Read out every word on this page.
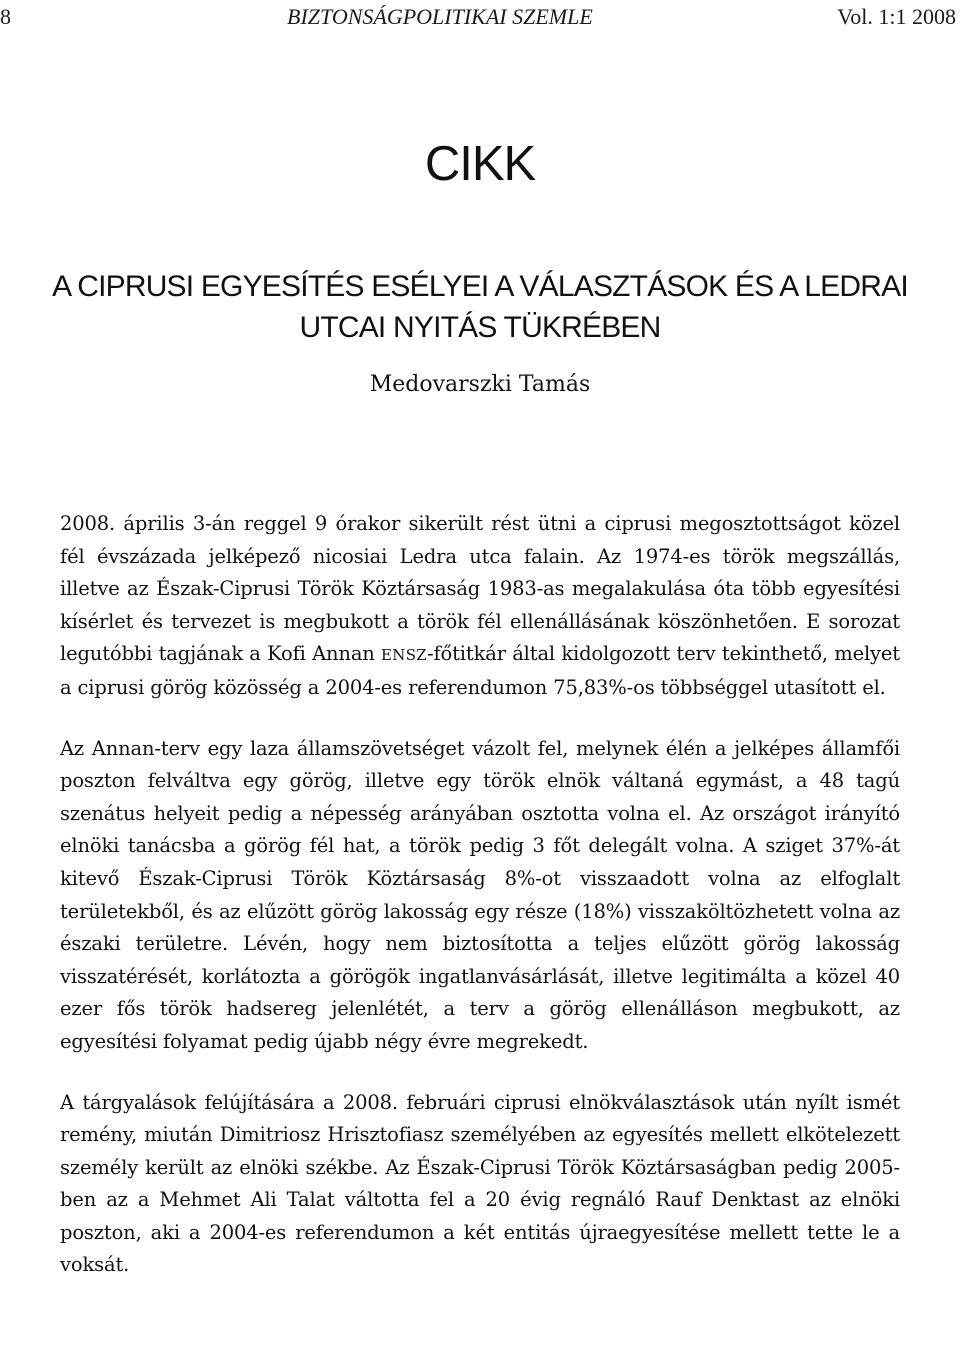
8	BIZTONSÁGPOLITIKAI SZEMLE	Vol. 1:1 2008
CIKK
A CIPRUSI EGYESÍTÉS ESÉLYEI A VÁLASZTÁSOK ÉS A LEDRAI UTCAI NYITÁS TÜKRÉBEN
Medovarszki Tamás

2008. április 3-án reggel 9 órakor sikerült rést ütni a ciprusi megosztottságot közel fél évszázada jelképező nicosiai Ledra utca falain. Az 1974-es török megszállás, illetve az Észak-Ciprusi Török Köztársaság 1983-as megalakulása óta több egyesítési kísérlet és tervezet is megbukott a török fél ellenállásának köszönhetően. E sorozat legutóbbi tagjának a Kofi Annan ENSZ-főtitkár által kidolgozott terv tekinthető, melyet a ciprusi görög közösség a 2004-es referendumon 75,83%-os többséggel utasított el.

Az Annan-terv egy laza államszövetséget vázolt fel, melynek élén a jelképes államfői poszton felváltva egy görög, illetve egy török elnök váltaná egymást, a 48 tagú szenátus helyeit pedig a népesség arányában osztotta volna el. Az országot irányító elnöki tanácsba a görög fél hat, a török pedig 3 főt delegált volna. A sziget 37%-át kitevő Észak-Ciprusi Török Köztársaság 8%-ot visszaadott volna az elfoglalt területekből, és az elűzött görög lakosság egy része (18%) visszaköltözhetett volna az északi területre. Lévén, hogy nem biztosította a teljes elűzött görög lakosság visszatérését, korlátozta a görögök ingatlanvásárlását, illetve legitimálta a közel 40 ezer fős török hadsereg jelenlétét, a terv a görög ellenálláson megbukott, az egyesítési folyamat pedig újabb négy évre megrekedt.

A tárgyalások felújítására a 2008. februári ciprusi elnökválasztások után nyílt ismét remény, miután Dimitriosz Hrisztofiasz személyében az egyesítés mellett elkötelezett személy került az elnöki székbe. Az Észak-Ciprusi Török Köztársaságban pedig 2005-ben az a Mehmet Ali Talat váltotta fel a 20 évig regnáló Rauf Denktast az elnöki poszton, aki a 2004-es referendumon a két entitás újraegyesítése mellett tette le a voksát.
